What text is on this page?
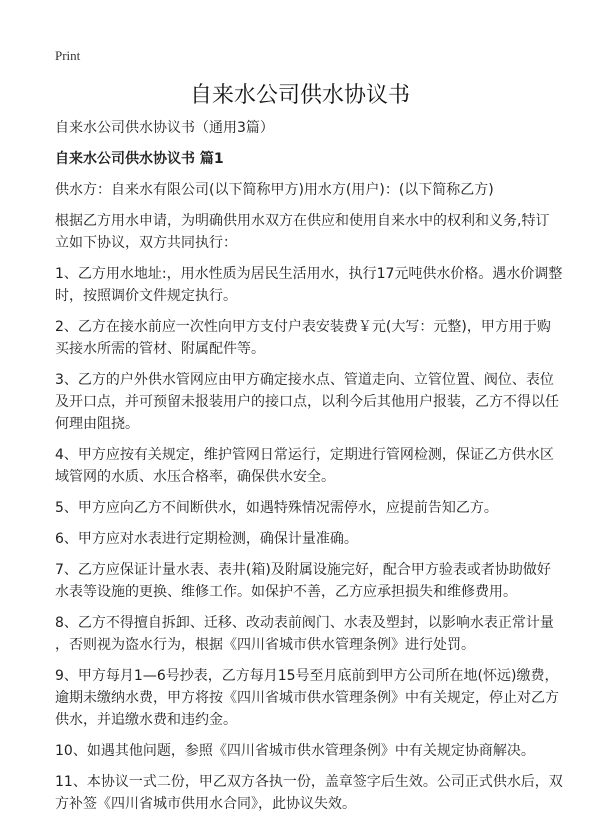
Print
自来水公司供水协议书

自来水公司供水协议书（通用3篇）

自来水公司供水协议书 篇1

供水方：自来水有限公司(以下简称甲方)用水方(用户)：(以下简称乙方)

根据乙方用水申请，为明确供用水双方在供应和使用自来水中的权利和义务,特订
立如下协议，双方共同执行：

1、乙方用水地址:，用水性质为居民生活用水，执行17元吨供水价格。遇水价调整
时，按照调价文件规定执行。

2、乙方在接水前应一次性向甲方支付户表安装费￥元(大写：元整)，甲方用于购
买接水所需的管材、附属配件等。

3、乙方的户外供水管网应由甲方确定接水点、管道走向、立管位置、阀位、表位
及开口点，并可预留未报装用户的接口点，以利今后其他用户报装，乙方不得以任
何理由阻挠。

4、甲方应按有关规定，维护管网日常运行，定期进行管网检测，保证乙方供水区
域管网的水质、水压合格率，确保供水安全。

5、甲方应向乙方不间断供水，如遇特殊情况需停水，应提前告知乙方。

6、甲方应对水表进行定期检测，确保计量准确。

7、乙方应保证计量水表、表井(箱)及附属设施完好，配合甲方验表或者协助做好
水表等设施的更换、维修工作。如保护不善，乙方应承担损失和维修费用。

8、乙方不得擅自拆卸、迁移、改动表前阀门、水表及塑封，以影响水表正常计量
，否则视为盗水行为，根据《四川省城市供水管理条例》进行处罚。

9、甲方每月1—6号抄表，乙方每月15号至月底前到甲方公司所在地(怀远)缴费，
逾期未缴纳水费，甲方将按《四川省城市供水管理条例》中有关规定，停止对乙方
供水，并追缴水费和违约金。

10、如遇其他问题，参照《四川省城市供水管理条例》中有关规定协商解决。

11、本协议一式二份，甲乙双方各执一份，盖章签字后生效。公司正式供水后，双
方补签《四川省城市供用水合同》，此协议失效。
